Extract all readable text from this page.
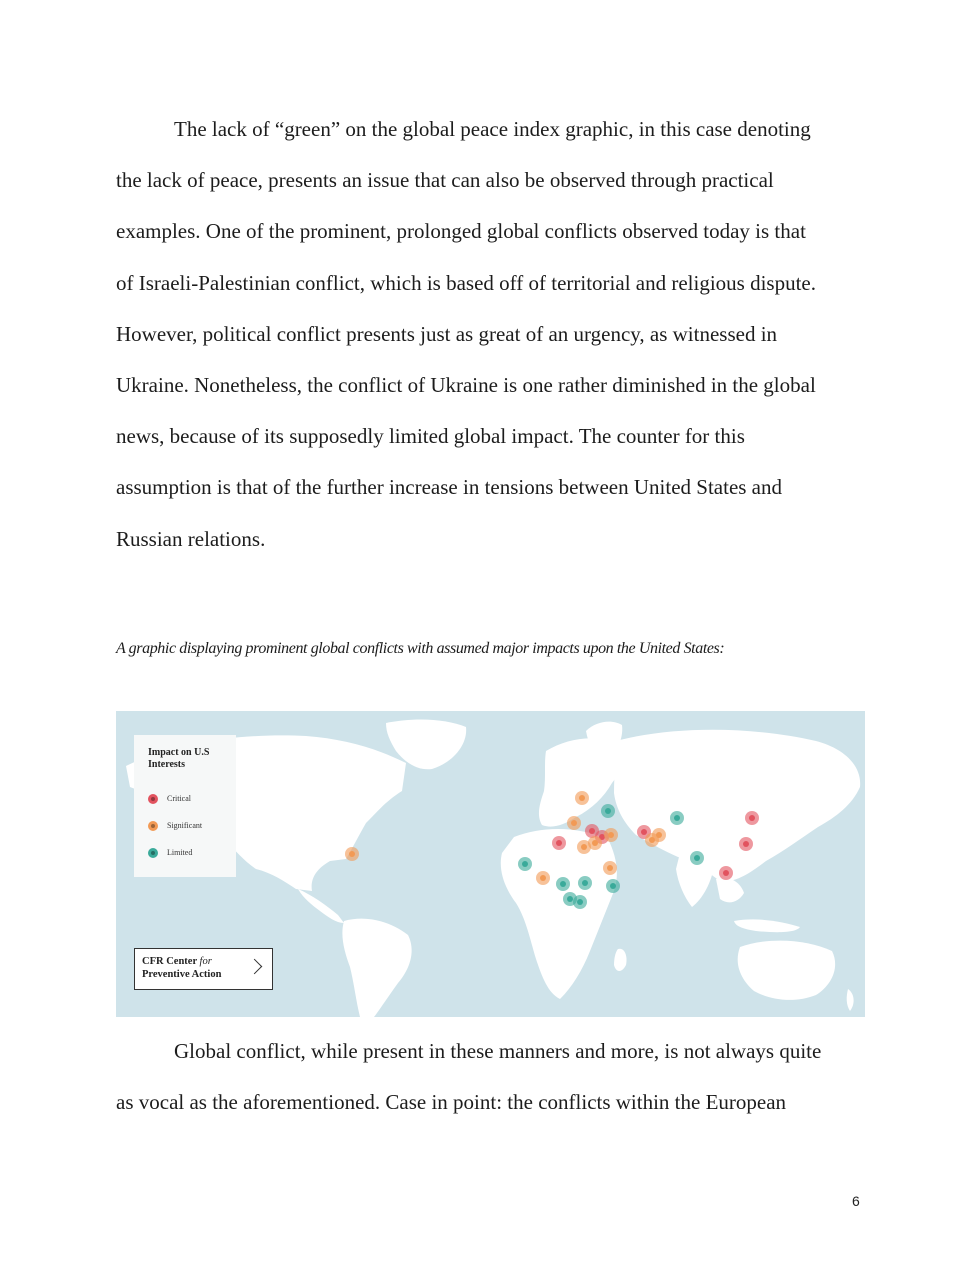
The lack of “green” on the global peace index graphic, in this case denoting
the lack of peace, presents an issue that can also be observed through practical
examples. One of the prominent, prolonged global conflicts observed today is that
of Israeli-Palestinian conflict, which is based off of territorial and religious dispute.
However, political conflict presents just as great of an urgency, as witnessed in
Ukraine. Nonetheless, the conflict of Ukraine is one rather diminished in the global
news, because of its supposedly limited global impact. The counter for this
assumption is that of the further increase in tensions between United States and
Russian relations.

A graphic displaying prominent global conflicts with assumed major impacts upon the United States:

Impact on U.S Interests
Critical
Significant
Limited
CFR Center for
Preventive Action
Global conflict, while present in these manners and more, is not always quite
as vocal as the aforementioned. Case in point: the conflicts within the European

6
